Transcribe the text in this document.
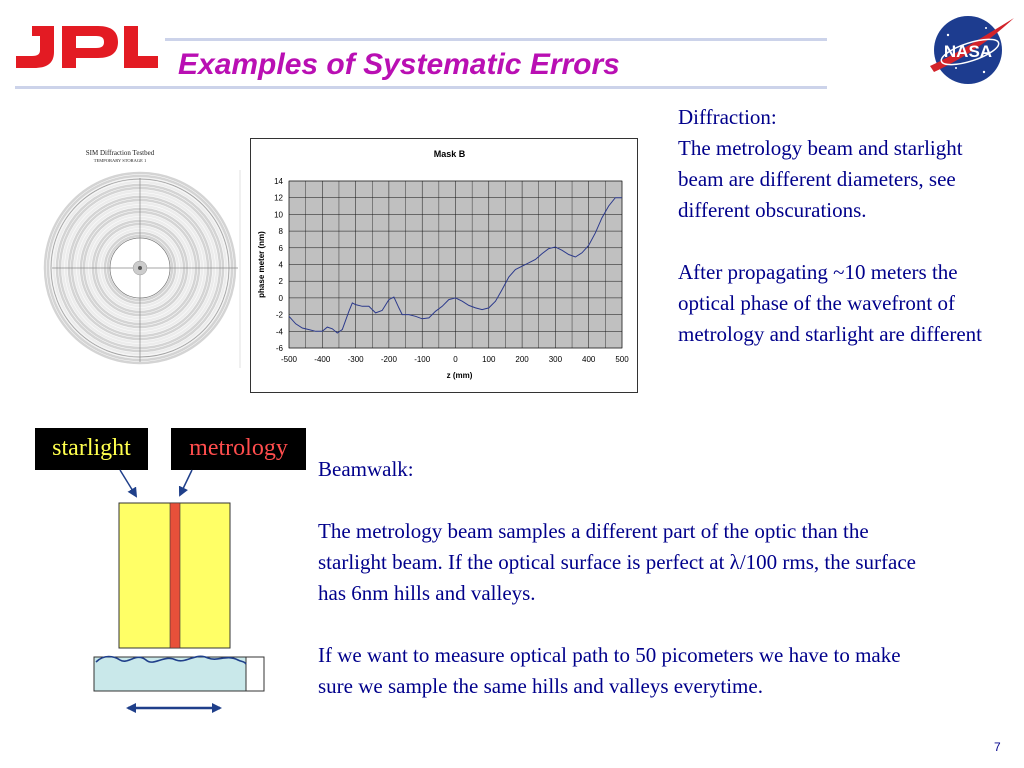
NASA
Examples of Systematic Errors
SIM Diffraction Testbed
TEMPORARY STORAGE 1
-6
-4
-2
0
2
4
6
8
10
12
14
-500 -400 -300 -200 -100	0	100 200 300 400 500
Mask B
z (mm)
phase meter (nm)
Diffraction:

The metrology beam and starlight beam are different diameters, see different obscurations.

After propagating ~10 meters the optical phase of the wavefront of metrology and starlight are different

starlight	metrology
Beamwalk:

The metrology beam samples a different part of the optic than the starlight beam. If the optical surface is perfect at λ/100 rms, the surface has 6nm hills and valleys.

If we want to measure optical path to 50 picometers we have to make sure we sample the same hills and valleys everytime.

7
